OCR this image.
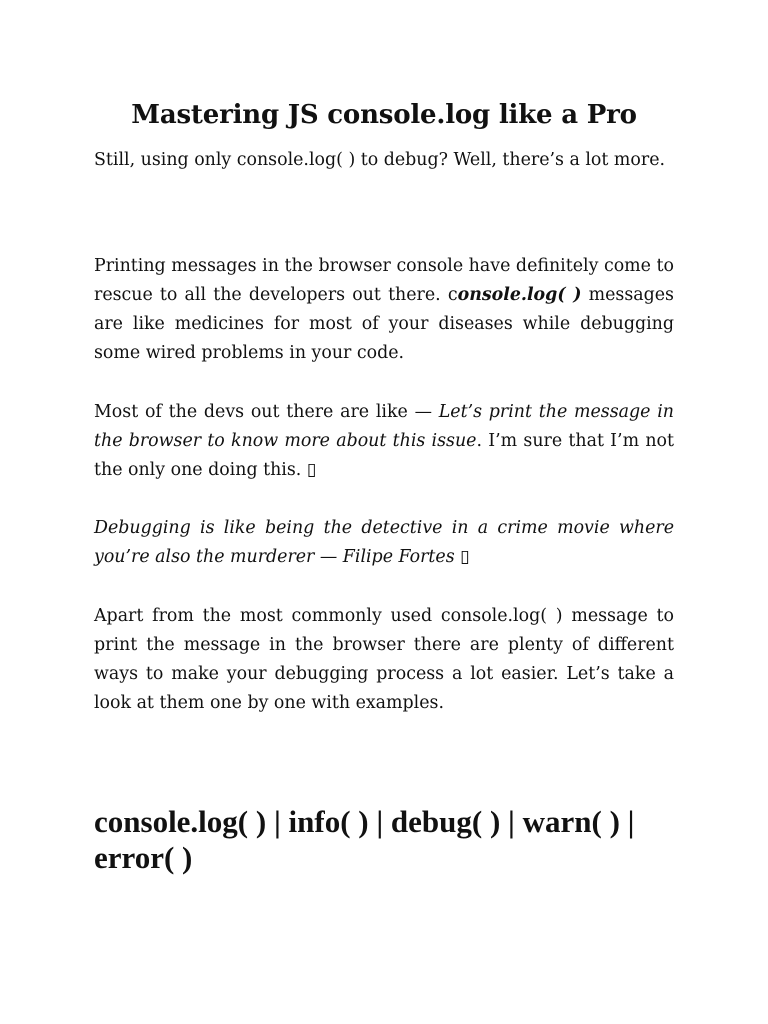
Mastering JS console.log like a Pro

Still, using only console.log( ) to debug? Well, there’s a lot more.

Printing messages in the browser console have definitely come to rescue to all the developers out there. console.log( ) messages are like medicines for most of your diseases while debugging some wired problems in your code.

Most of the devs out there are like — Let’s print the message in the browser to know more about this issue. I’m sure that I’m not the only one doing this. ▯

Debugging is like being the detective in a crime movie where you’re also the murderer — Filipe Fortes ▯

Apart from the most commonly used console.log( ) message to print the message in the browser there are plenty of different ways to make your debugging process a lot easier. Let’s take a look at them one by one with examples.

console.log( ) | info( ) | debug( ) | warn( ) | error( )
